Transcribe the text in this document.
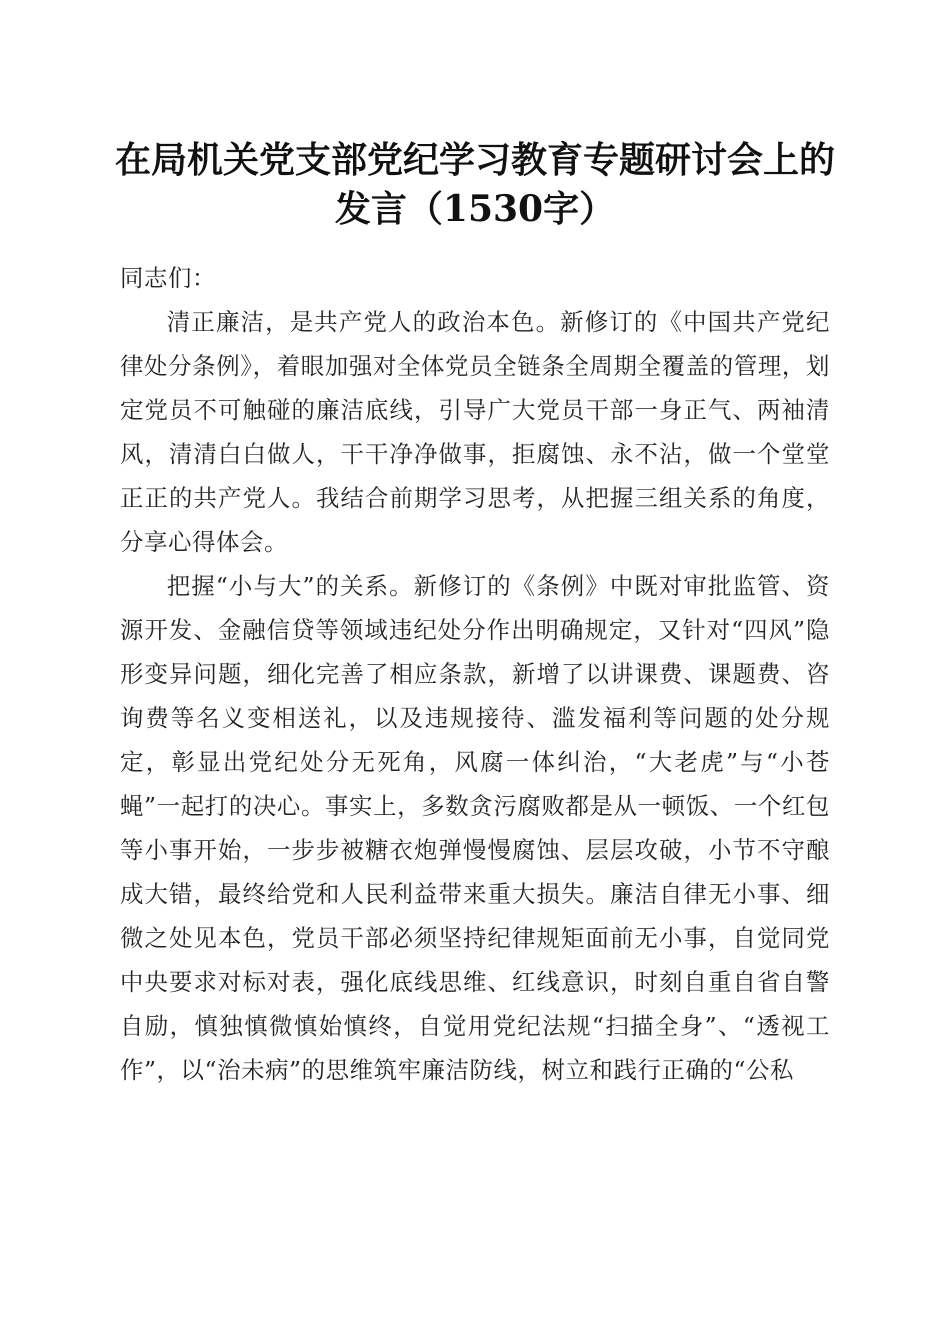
在局机关党支部党纪学习教育专题研讨会上的
发言（1530字）

同志们：

清正廉洁，是共产党人的政治本色。新修订的《中国共产党纪律处分条例》，着眼加强对全体党员全链条全周期全覆盖的管理，划定党员不可触碰的廉洁底线，引导广大党员干部一身正气、两袖清风，清清白白做人，干干净净做事，拒腐蚀、永不沾，做一个堂堂正正的共产党人。我结合前期学习思考，从把握三组关系的角度，分享心得体会。

把握“小与大”的关系。新修订的《条例》中既对审批监管、资源开发、金融信贷等领域违纪处分作出明确规定，又针对“四风”隐形变异问题，细化完善了相应条款，新增了以讲课费、课题费、咨询费等名义变相送礼，以及违规接待、滥发福利等问题的处分规定，彰显出党纪处分无死角，风腐一体纠治，“大老虎”与“小苍蝇”一起打的决心。事实上，多数贪污腐败都是从一顿饭、一个红包等小事开始，一步步被糖衣炮弹慢慢腐蚀、层层攻破，小节不守酿成大错，最终给党和人民利益带来重大损失。廉洁自律无小事、细微之处见本色，党员干部必须坚持纪律规矩面前无小事，自觉同党中央要求对标对表，强化底线思维、红线意识，时刻自重自省自警自励，慎独慎微慎始慎终，自觉用党纪法规“扫描全身”、“透视工作”，以“治未病”的思维筑牢廉洁防线，树立和践行正确的“公私
